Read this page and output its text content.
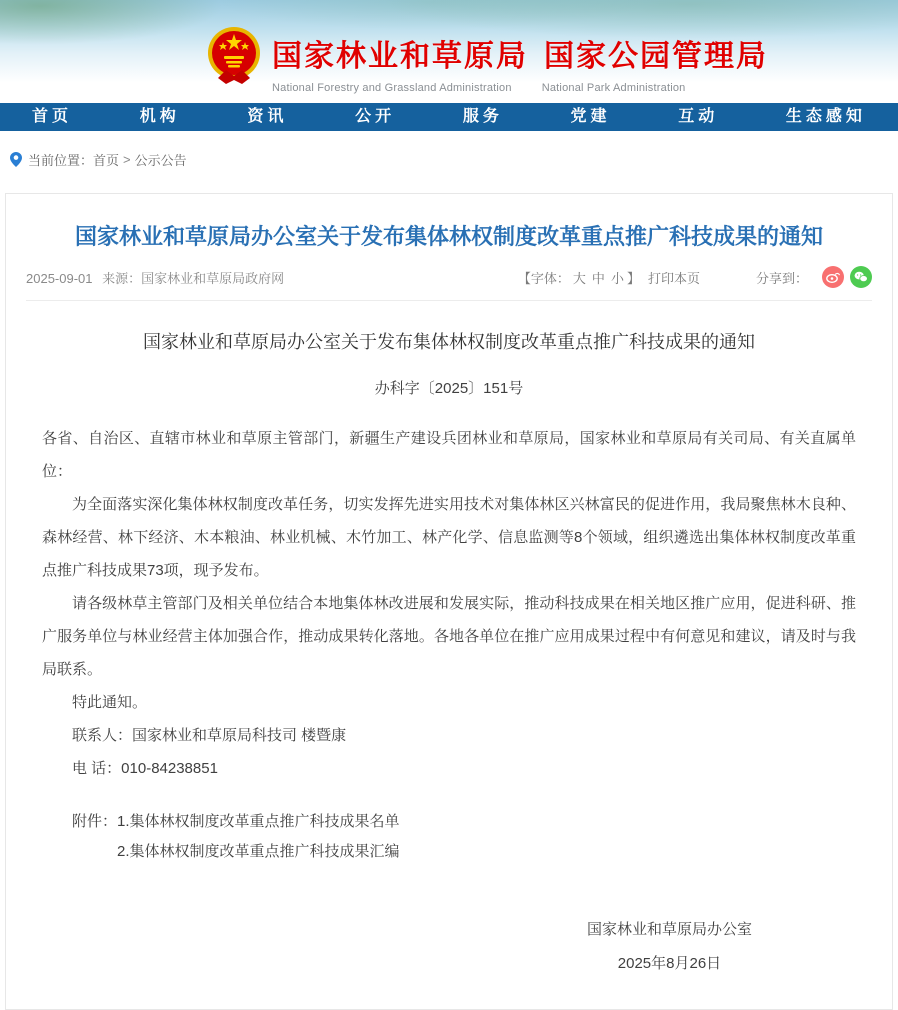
国家林业和草原局 国家公园管理局
National Forestry and Grassland Administration	National Park Administration
首页	机构	资讯	公开	服务	党建	互动	生态感知
当前位置： 首页 > 公示公告
国家林业和草原局办公室关于发布集体林权制度改革重点推广科技成果的通知
2025-09-01 来源：国家林业和草原局政府网	【字体： 大 中 小 】 打印本页	分享到：
国家林业和草原局办公室关于发布集体林权制度改革重点推广科技成果的通知
办科字〔2025〕151号

各省、自治区、直辖市林业和草原主管部门，新疆生产建设兵团林业和草原局，国家林业和草原局有关司局、有关直属单位：

为全面落实深化集体林权制度改革任务，切实发挥先进实用技术对集体林区兴林富民的促进作用，我局聚焦林木良种、森林经营、林下经济、木本粮油、林业机械、木竹加工、林产化学、信息监测等8个领域，组织遴选出集体林权制度改革重点推广科技成果73项，现予发布。

请各级林草主管部门及相关单位结合本地集体林改进展和发展实际，推动科技成果在相关地区推广应用，促进科研、推广服务单位与林业经营主体加强合作，推动成果转化落地。各地各单位在推广应用成果过程中有何意见和建议，请及时与我局联系。

特此通知。

联系人：国家林业和草原局科技司 楼暨康

电 话：010-84238851

附件：1.集体林权制度改革重点推广科技成果名单

2.集体林权制度改革重点推广科技成果汇编

国家林业和草原局办公室
2025年8月26日
